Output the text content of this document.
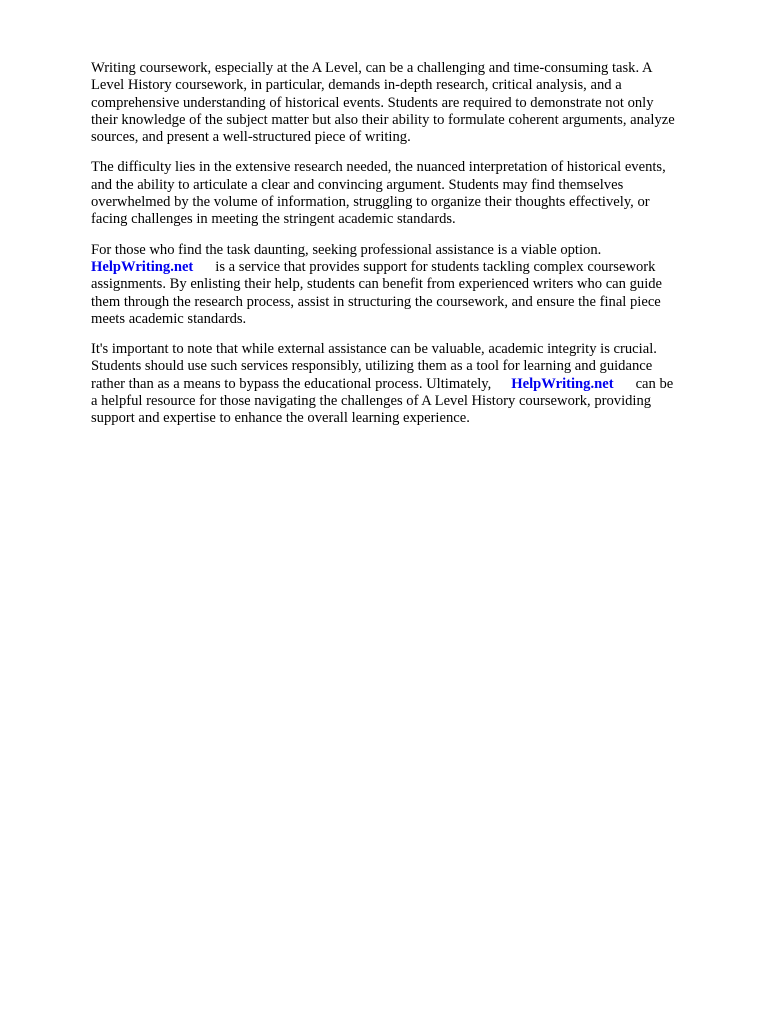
Writing coursework, especially at the A Level, can be a challenging and time-consuming task. A
Level History coursework, in particular, demands in-depth research, critical analysis, and a
comprehensive understanding of historical events. Students are required to demonstrate not only
their knowledge of the subject matter but also their ability to formulate coherent arguments, analyze
sources, and present a well-structured piece of writing.

The difficulty lies in the extensive research needed, the nuanced interpretation of historical events,
and the ability to articulate a clear and convincing argument. Students may find themselves
overwhelmed by the volume of information, struggling to organize their thoughts effectively, or
facing challenges in meeting the stringent academic standards.

For those who find the task daunting, seeking professional assistance is a viable option.
HelpWriting.net is a service that provides support for students tackling complex coursework
assignments. By enlisting their help, students can benefit from experienced writers who can guide
them through the research process, assist in structuring the coursework, and ensure the final piece
meets academic standards.

It's important to note that while external assistance can be valuable, academic integrity is crucial.
Students should use such services responsibly, utilizing them as a tool for learning and guidance
rather than as a means to bypass the educational process. Ultimately, HelpWriting.net can be
a helpful resource for those navigating the challenges of A Level History coursework, providing
support and expertise to enhance the overall learning experience.
